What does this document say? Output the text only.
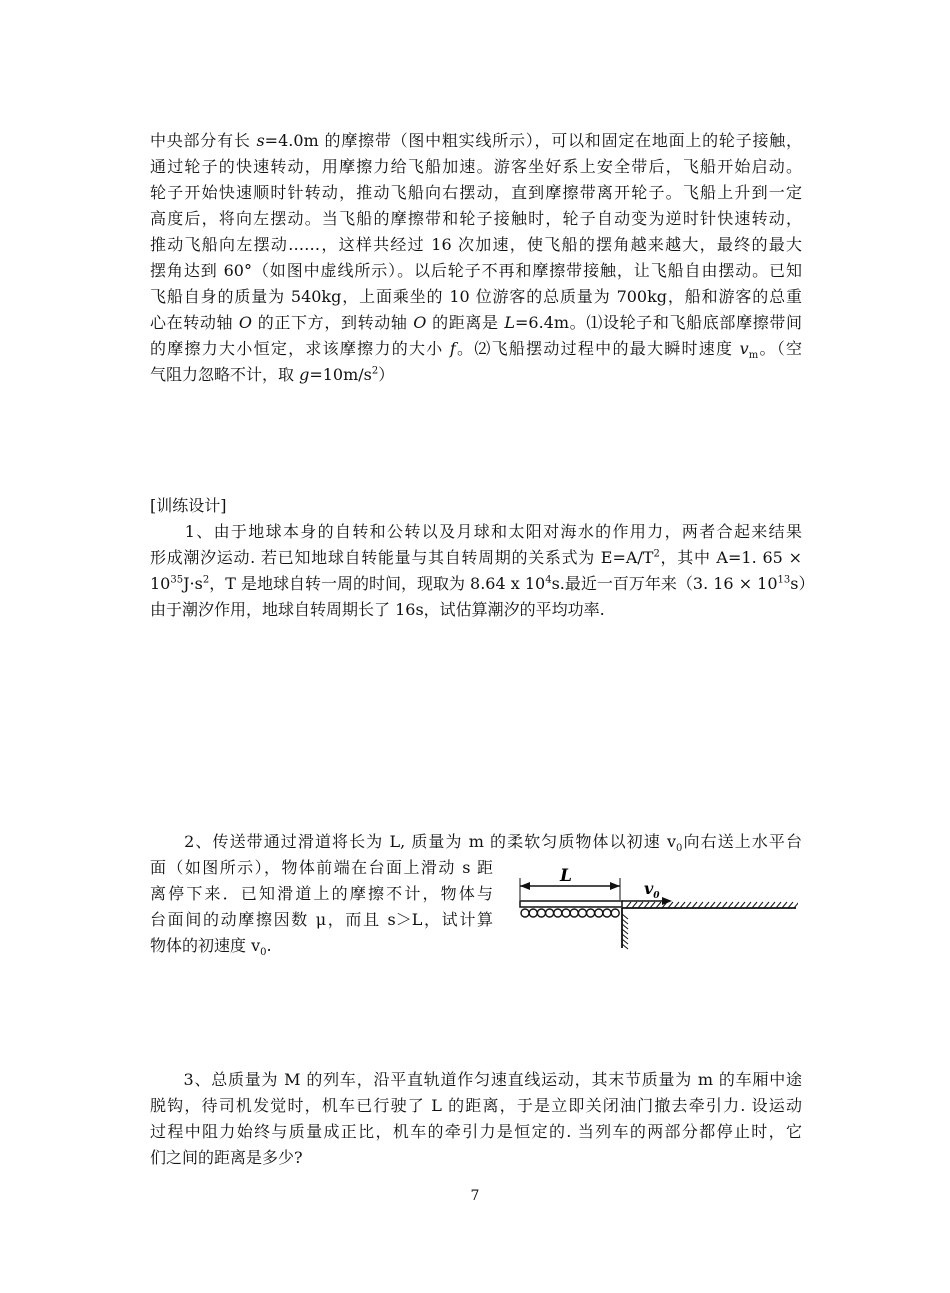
中央部分有长 s=4.0m 的摩擦带（图中粗实线所示），可以和固定在地面上的轮子接触，
通过轮子的快速转动，用摩擦力给飞船加速。游客坐好系上安全带后，飞船开始启动。
轮子开始快速顺时针转动，推动飞船向右摆动，直到摩擦带离开轮子。飞船上升到一定
高度后，将向左摆动。当飞船的摩擦带和轮子接触时，轮子自动变为逆时针快速转动，
推动飞船向左摆动……，这样共经过 16 次加速，使飞船的摆角越来越大，最终的最大
摆角达到 60°（如图中虚线所示）。以后轮子不再和摩擦带接触，让飞船自由摆动。已知
飞船自身的质量为 540kg，上面乘坐的 10 位游客的总质量为 700kg，船和游客的总重
心在转动轴 O 的正下方，到转动轴 O 的距离是 L=6.4m。⑴设轮子和飞船底部摩擦带间
的摩擦力大小恒定，求该摩擦力的大小 f。⑵飞船摆动过程中的最大瞬时速度 $v_m$。（空
气阻力忽略不计，取 $g=10m/s^2$）
[训练设计]
　　1、由于地球本身的自转和公转以及月球和太阳对海水的作用力，两者合起来结果
形成潮汐运动. 若已知地球自转能量与其自转周期的关系式为 $E=A/T^2$，其中 A=1. 65 ×
$10^{35}J\cdot s^2$，T 是地球自转一周的时间，现取为 8.64 x $10^4s$.最近一百万年来（3. $16 \times 10^{13}s$）
由于潮汐作用，地球自转周期长了 16s，试估算潮汐的平均功率.
　　2、传送带通过滑道将长为 L, 质量为 m 的柔软匀质物体以初速 $v_0$向右送上水平台
面（如图所示），物体前端在台面上滑动 s 距
离停下来．已知滑道上的摩擦不计，物体与
台面间的动摩擦因数 μ，而且 s＞L，试计算
物体的初速度 $v_0$.
L
$v_0$
　　3、总质量为 M 的列车，沿平直轨道作匀速直线运动，其末节质量为 m 的车厢中途
脱钩，待司机发觉时，机车已行驶了 L 的距离，于是立即关闭油门撤去牵引力. 设运动
过程中阻力始终与质量成正比，机车的牵引力是恒定的. 当列车的两部分都停止时，它
们之间的距离是多少?
7
